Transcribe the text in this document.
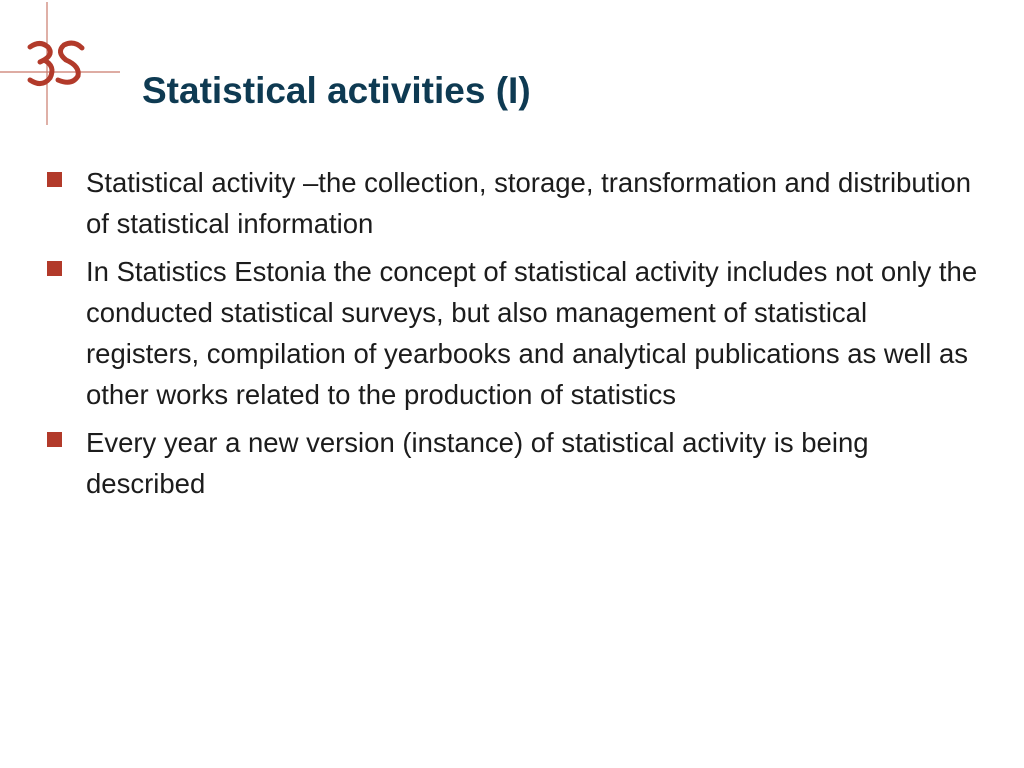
Statistical activities (I)
Statistical activity –the collection, storage, transformation and distribution of statistical information
In Statistics Estonia the concept of statistical activity includes not only the conducted statistical surveys, but also management of statistical registers, compilation of yearbooks and analytical publications as well as other works related to the production of statistics
Every year a new version (instance) of statistical activity is being described
